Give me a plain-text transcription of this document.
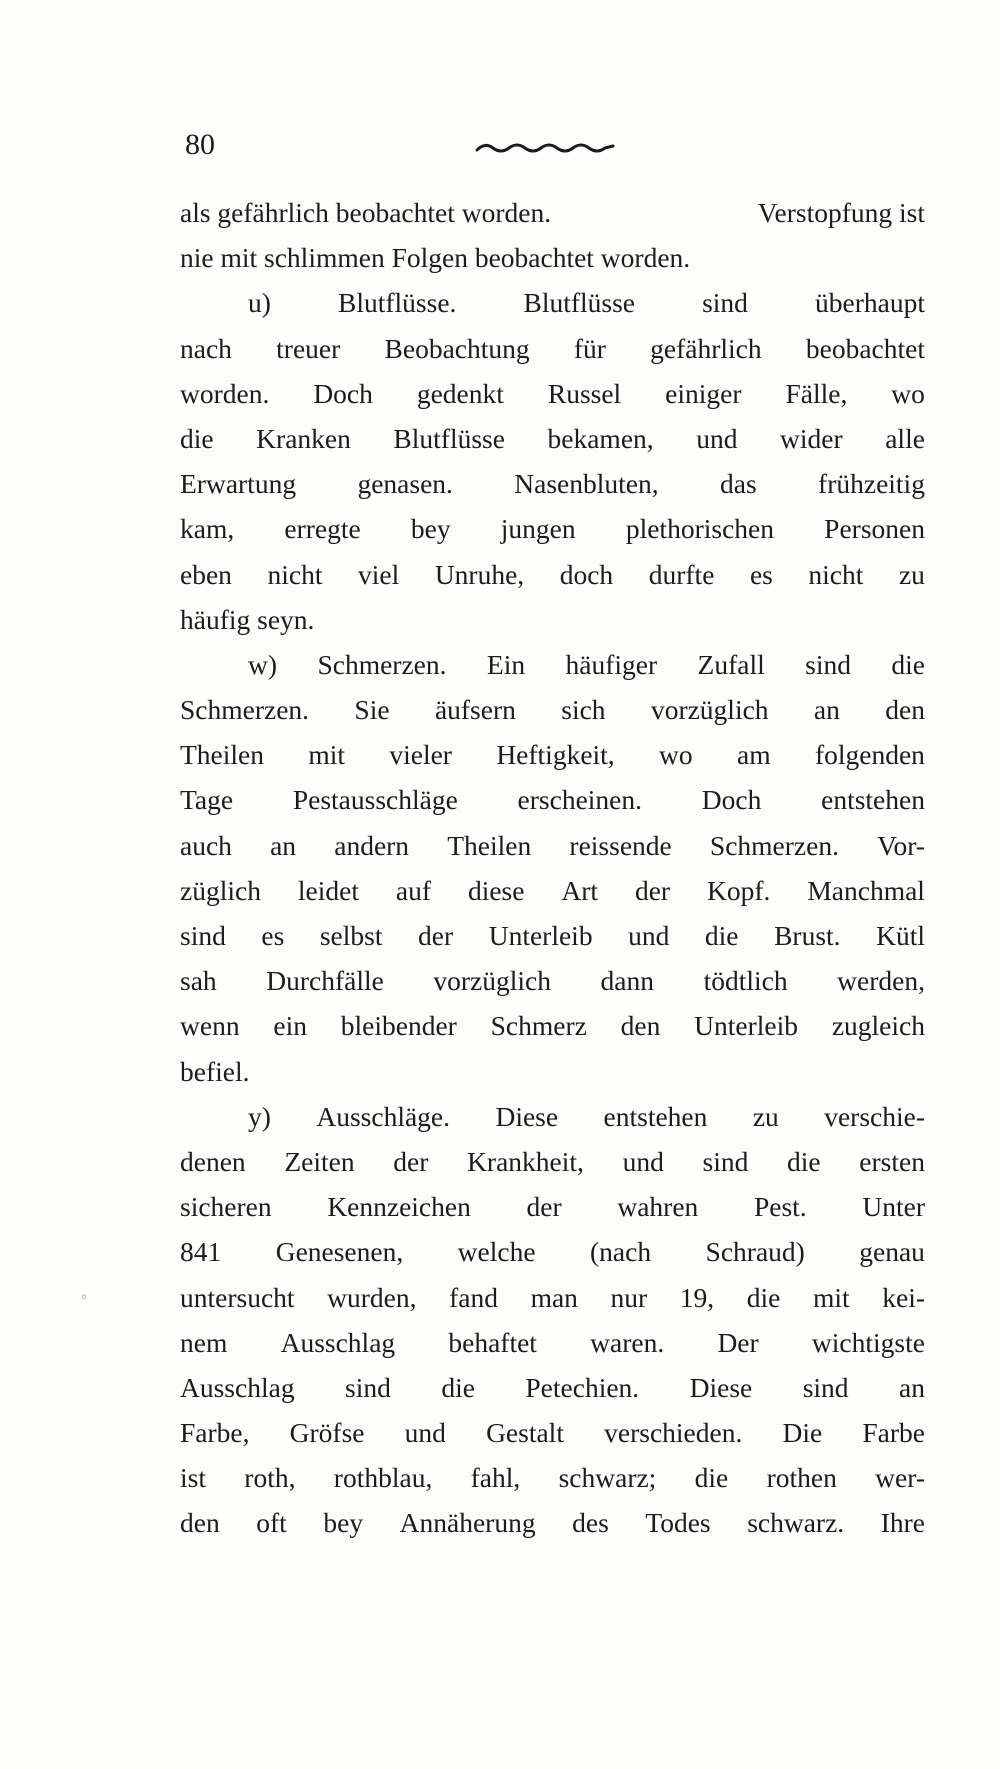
80
als gefährlich beobachtet worden.	Verstopfung ist
nie mit schlimmen Folgen beobachtet worden.
u) Blutflüsse. Blutflüsse sind überhaupt
nach treuer Beobachtung für gefährlich beobachtet
worden. Doch gedenkt Russel einiger Fälle, wo
die Kranken Blutflüsse bekamen, und wider alle
Erwartung genasen. Nasenbluten, das frühzeitig
kam, erregte bey jungen plethorischen Personen
eben nicht viel Unruhe, doch durfte es nicht zu
häufig seyn.
w) Schmerzen. Ein häufiger Zufall sind die
Schmerzen. Sie äufsern sich vorzüglich an den
Theilen mit vieler Heftigkeit, wo am folgenden
Tage Pestausschläge erscheinen. Doch entstehen
auch an andern Theilen reissende Schmerzen. Vor-
züglich leidet auf diese Art der Kopf. Manchmal
sind es selbst der Unterleib und die Brust. Kütl
sah Durchfälle vorzüglich dann tödtlich werden,
wenn ein bleibender Schmerz den Unterleib zugleich
befiel.
y) Ausschläge. Diese entstehen zu verschie-
denen Zeiten der Krankheit, und sind die ersten
sicheren Kennzeichen der wahren Pest. Unter
841 Genesenen, welche (nach Schraud) genau
untersucht wurden, fand man nur 19, die mit kei-
nem Ausschlag behaftet waren. Der wichtigste
Ausschlag sind die Petechien. Diese sind an
Farbe, Gröfse und Gestalt verschieden. Die Farbe
ist roth, rothblau, fahl, schwarz; die rothen wer-
den oft bey Annäherung des Todes schwarz. Ihre
◦
